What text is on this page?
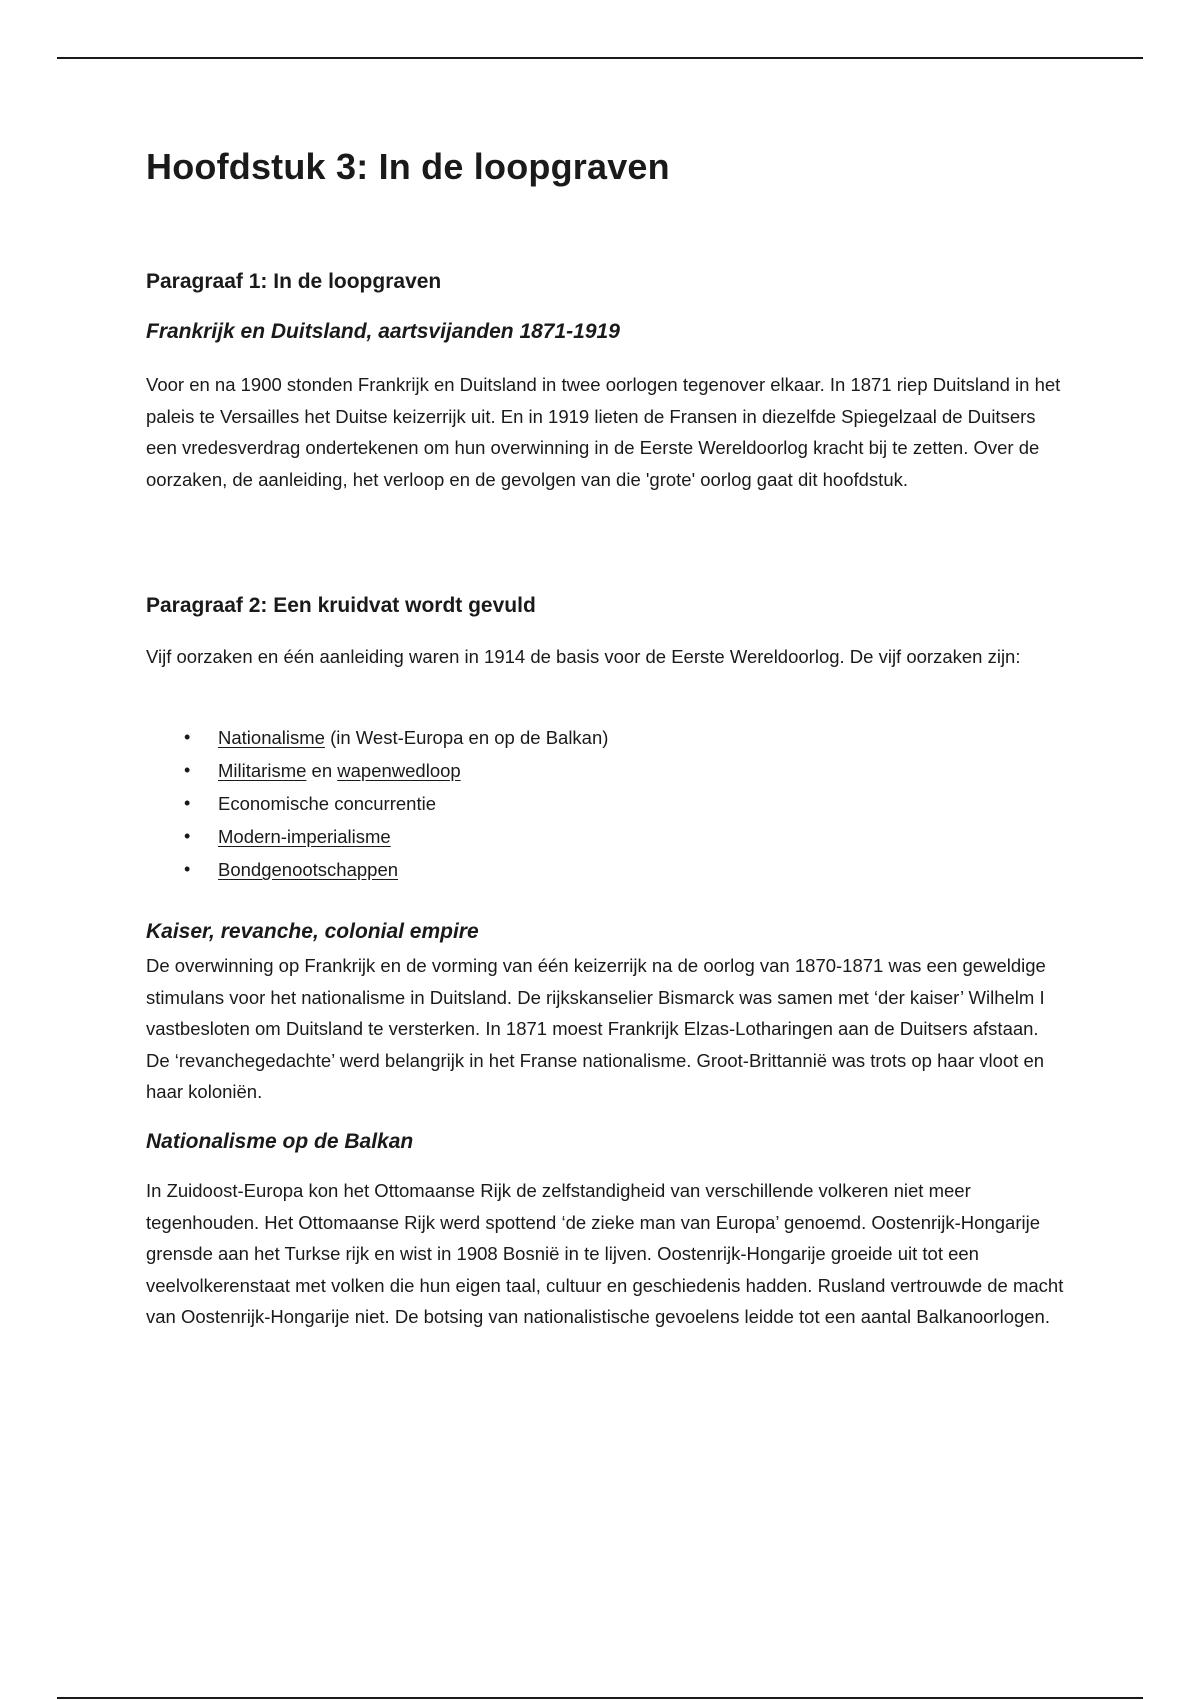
Hoofdstuk 3: In de loopgraven
Paragraaf 1: In de loopgraven
Frankrijk en Duitsland, aartsvijanden 1871-1919

Voor en na 1900 stonden Frankrijk en Duitsland in twee oorlogen tegenover elkaar. In 1871 riep Duitsland in het paleis te Versailles het Duitse keizerrijk uit. En in 1919 lieten de Fransen in diezelfde Spiegelzaal de Duitsers een vredesverdrag ondertekenen om hun overwinning in de Eerste Wereldoorlog kracht bij te zetten. Over de oorzaken, de aanleiding, het verloop en de gevolgen van die 'grote' oorlog gaat dit hoofdstuk.

Paragraaf 2: Een kruidvat wordt gevuld

Vijf oorzaken en één aanleiding waren in 1914 de basis voor de Eerste Wereldoorlog. De vijf oorzaken zijn:

• Nationalisme (in West-Europa en op de Balkan)
• Militarisme en wapenwedloop
• Economische concurrentie
• Modern-imperialisme
• Bondgenootschappen
Kaiser, revanche, colonial empire

De overwinning op Frankrijk en de vorming van één keizerrijk na de oorlog van 1870-1871 was een geweldige stimulans voor het nationalisme in Duitsland. De rijkskanselier Bismarck was samen met ‘der kaiser’ Wilhelm I vastbesloten om Duitsland te versterken. In 1871 moest Frankrijk Elzas-Lotharingen aan de Duitsers afstaan. De ‘revanchegedachte’ werd belangrijk in het Franse nationalisme. Groot-Brittannië was trots op haar vloot en haar koloniën.

Nationalisme op de Balkan

In Zuidoost-Europa kon het Ottomaanse Rijk de zelfstandigheid van verschillende volkeren niet meer tegenhouden. Het Ottomaanse Rijk werd spottend ‘de zieke man van Europa’ genoemd. Oostenrijk-Hongarije grensde aan het Turkse rijk en wist in 1908 Bosnië in te lijven. Oostenrijk-Hongarije groeide uit tot een veelvolkerenstaat met volken die hun eigen taal, cultuur en geschiedenis hadden. Rusland vertrouwde de macht van Oostenrijk-Hongarije niet. De botsing van nationalistische gevoelens leidde tot een aantal Balkanoorlogen.
